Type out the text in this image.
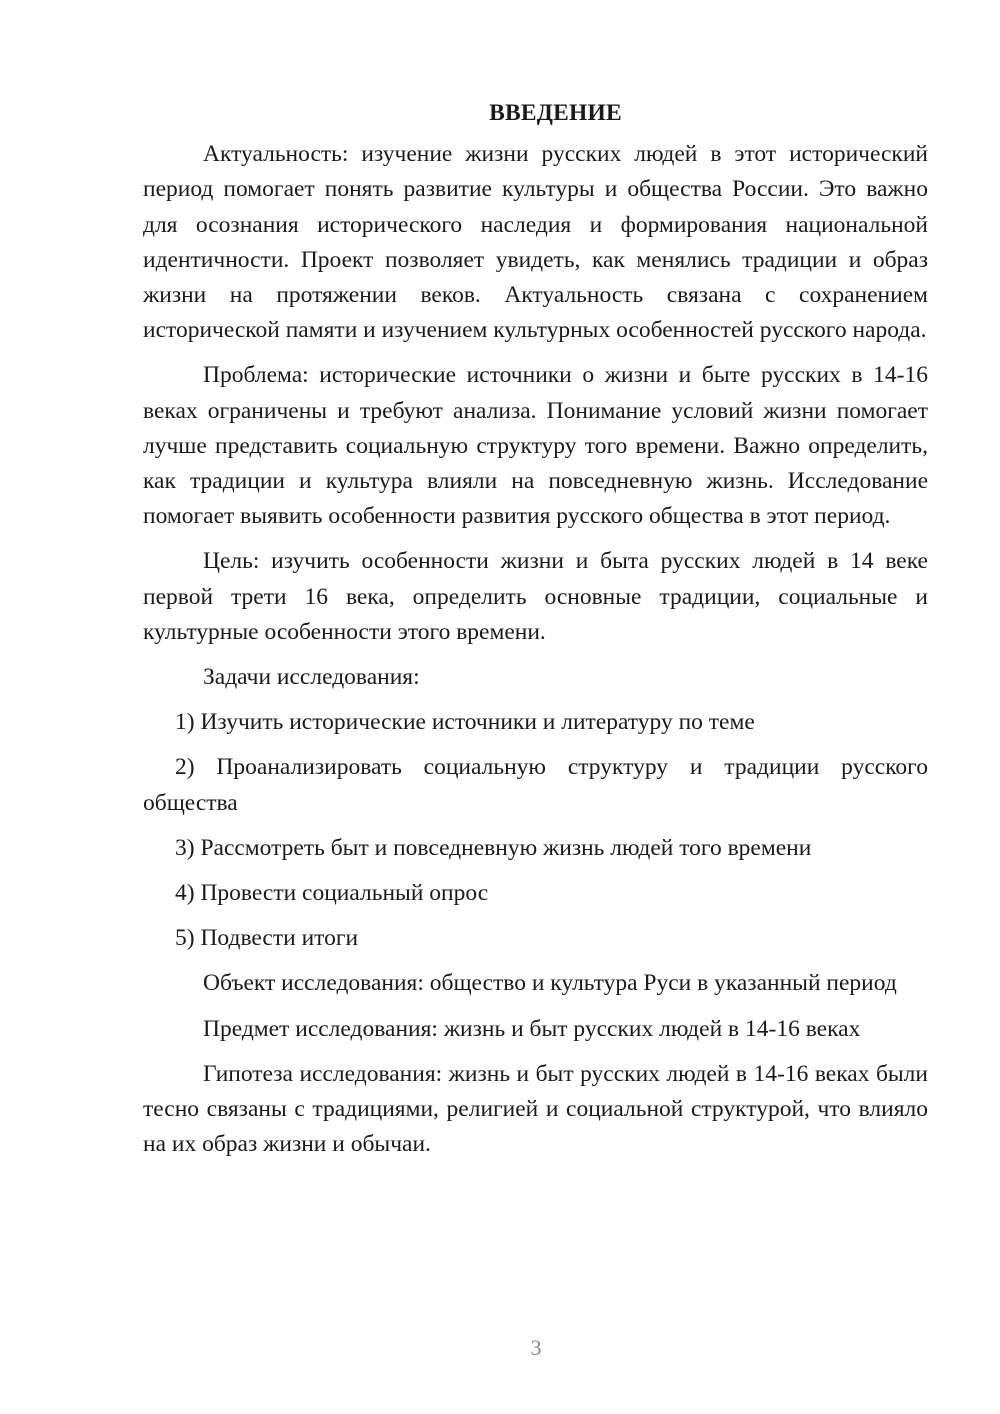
ВВЕДЕНИЕ

Актуальность: изучение жизни русских людей в этот исторический период помогает понять развитие культуры и общества России. Это важно для осознания исторического наследия и формирования национальной идентичности. Проект позволяет увидеть, как менялись традиции и образ жизни на протяжении веков. Актуальность связана с сохранением исторической памяти и изучением культурных особенностей русского народа.

Проблема: исторические источники о жизни и быте русских в 14-16 веках ограничены и требуют анализа. Понимание условий жизни помогает лучше представить социальную структуру того времени. Важно определить, как традиции и культура влияли на повседневную жизнь. Исследование помогает выявить особенности развития русского общества в этот период.

Цель: изучить особенности жизни и быта русских людей в 14 веке первой трети 16 века, определить основные традиции, социальные и культурные особенности этого времени.

Задачи исследования:

1) Изучить исторические источники и литературу по теме

2) Проанализировать социальную структуру и традиции русского общества

3) Рассмотреть быт и повседневную жизнь людей того времени

4) Провести социальный опрос

5) Подвести итоги

Объект исследования: общество и культура Руси в указанный период

Предмет исследования: жизнь и быт русских людей в 14-16 веках

Гипотеза исследования: жизнь и быт русских людей в 14-16 веках были тесно связаны с традициями, религией и социальной структурой, что влияло на их образ жизни и обычаи.

3
